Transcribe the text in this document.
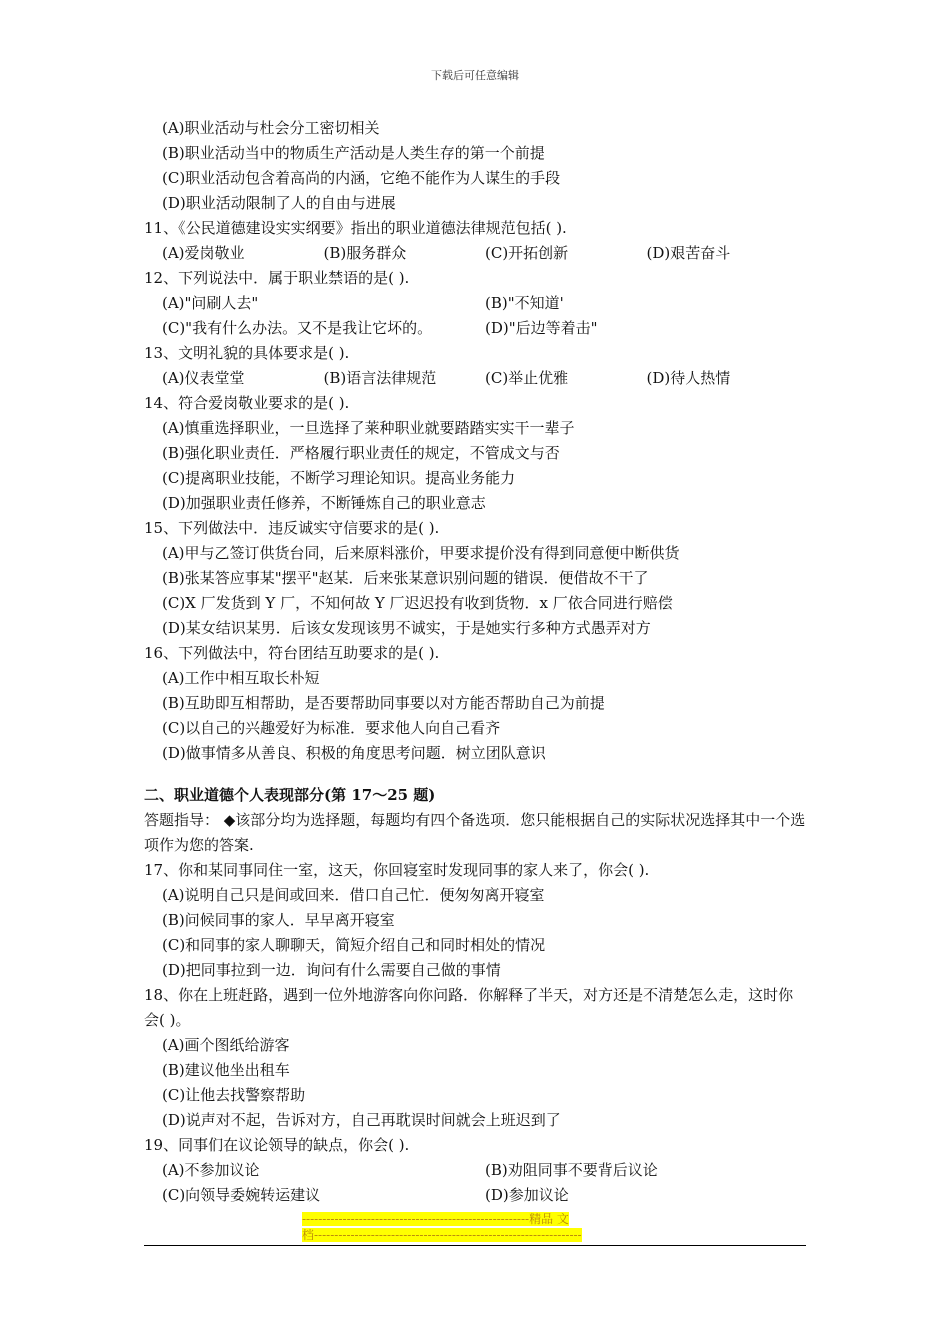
下载后可任意编辑
(A)职业活动与杜会分工密切相关
(B)职业活动当中的物质生产活动是人类生存的第一个前提
(C)职业活动包含着高尚的内涵，它绝不能作为人谋生的手段
(D)职业活动限制了人的自由与进展
11、《公民道德建设实实纲要》指出的职业道德法律规范包括( ).
(A)爱岗敬业	(B)服务群众	(C)开拓创新	(D)艰苦奋斗
12、下列说法中．属于职业禁语的是( ).
(A)"问刷人去"	(B)"不知道'
(C)"我有什么办法。又不是我让它坏的。	(D)"后边等着击"
13、文明礼貌的具体要求是( ).
(A)仪表堂堂	(B)语言法律规范	(C)举止优雅	(D)待人热情
14、符合爱岗敬业要求的是( ).
(A)慎重选择职业，一旦选择了莱种职业就要踏踏实实干一辈子
(B)强化职业责任．严格履行职业责任的规定，不管成文与否
(C)提离职业技能，不断学习理论知识。提高业务能力
(D)加强职业责任修养，不断锤炼自己的职业意志
15、下列做法中．违反诚实守信要求的是( ).
(A)甲与乙签订供货台同，后来原料涨价，甲要求提价没有得到同意便中断供货
(B)张某答应事某"摆平"赵某．后来张某意识别问题的错误．便借故不干了
(C)X 厂发货到 Y 厂，不知何故 Y 厂迟迟投有收到货物．x 厂依合同进行赔偿
(D)某女结识某男．后该女发现该男不诚实，于是她实行多种方式愚弄对方
16、下列做法中，符台团结互助要求的是( ).
(A)工作中相互取长朴短
(B)互助即互相帮助，是否要帮助同事要以对方能否帮助自己为前提
(C)以自己的兴趣爱好为标准．要求他人向自己看齐
(D)做事情多从善良、积极的角度思考问题．树立团队意识
二、职业道德个人表现部分(第 17～25 题)
答题指导： ◆该部分均为选择题，每题均有四个备选项．您只能根据自己的实际状况选择其中一个选项作为您的答案.
17、你和某同事同住一室，这天，你回寝室时发现同事的家人来了，你会( ).
(A)说明自己只是间或回来．借口自己忙．便匆匆离开寝室
(B)问候同事的家人．早早离开寝室
(C)和同事的家人聊聊天，简短介绍自己和同时相处的情况
(D)把同事拉到一边．询问有什么需要自己做的事情
18、你在上班赶路，遇到一位外地游客向你问路．你解释了半天，对方还是不清楚怎么走，这时你会( )。
(A)画个图纸给游客
(B)建议他坐出租车
(C)让他去找警察帮助
(D)说声对不起，告诉对方，自己再耽误时间就会上班迟到了
19、同事们在议论领导的缺点，你会( ).
(A)不参加议论	(B)劝阻同事不要背后议论
(C)向领导委婉转运建议	(D)参加议论
--------------------------------------------------------精品 文
档------------------------------------------------------------------
